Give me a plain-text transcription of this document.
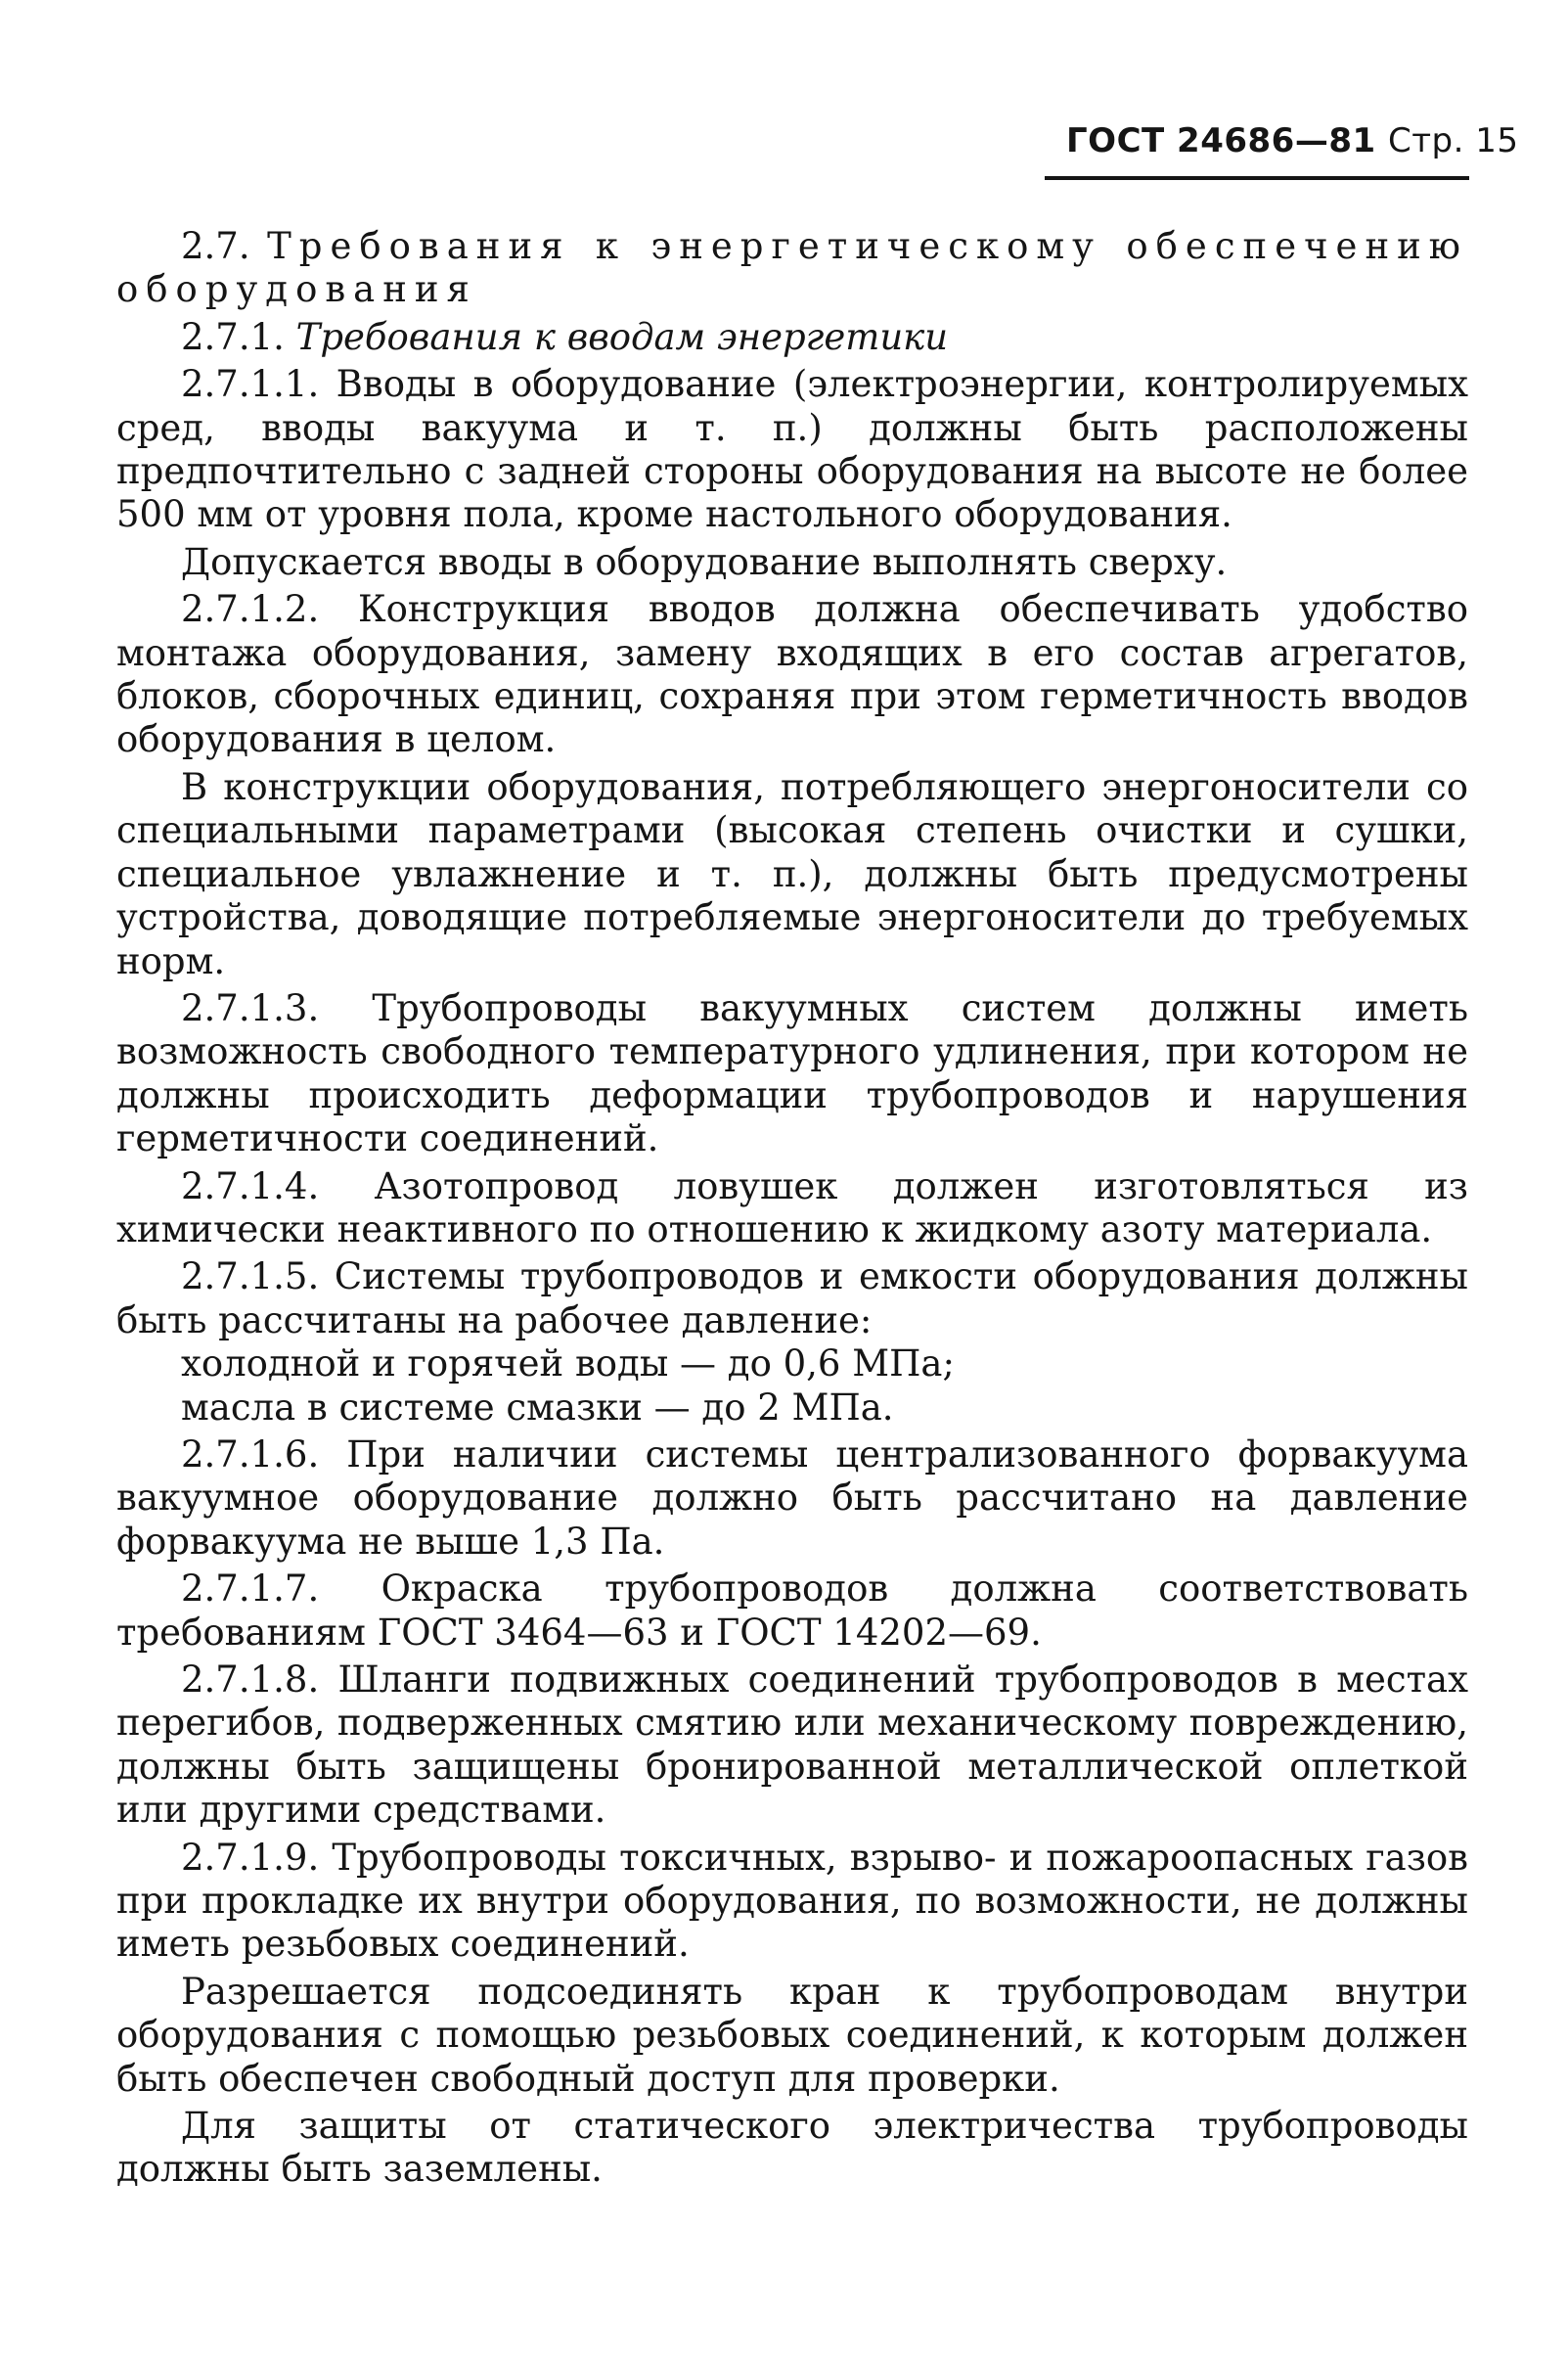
ГОСТ 24686—81 Стр. 15

2.7. Требования к энергетическому обеспечению оборудования

2.7.1. Требования к вводам энергетики

2.7.1.1. Вводы в оборудование (электроэнергии, контролируемых сред, вводы вакуума и т. п.) должны быть расположены предпочтительно с задней стороны оборудования на высоте не более 500 мм от уровня пола, кроме настольного оборудования.

Допускается вводы в оборудование выполнять сверху.

2.7.1.2. Конструкция вводов должна обеспечивать удобство монтажа оборудования, замену входящих в его состав агрегатов, блоков, сборочных единиц, сохраняя при этом герметичность вводов оборудования в целом.

В конструкции оборудования, потребляющего энергоносители со специальными параметрами (высокая степень очистки и сушки, специальное увлажнение и т. п.), должны быть предусмотрены устройства, доводящие потребляемые энергоносители до требуемых норм.

2.7.1.3. Трубопроводы вакуумных систем должны иметь возможность свободного температурного удлинения, при котором не должны происходить деформации трубопроводов и нарушения герметичности соединений.

2.7.1.4. Азотопровод ловушек должен изготовляться из химически неактивного по отношению к жидкому азоту материала.

2.7.1.5. Системы трубопроводов и емкости оборудования должны быть рассчитаны на рабочее давление:

холодной и горячей воды — до 0,6 МПа;

масла в системе смазки — до 2 МПа.

2.7.1.6. При наличии системы централизованного форвакуума вакуумное оборудование должно быть рассчитано на давление форвакуума не выше 1,3 Па.

2.7.1.7. Окраска трубопроводов должна соответствовать требованиям ГОСТ 3464—63 и ГОСТ 14202—69.

2.7.1.8. Шланги подвижных соединений трубопроводов в местах перегибов, подверженных смятию или механическому повреждению, должны быть защищены бронированной металлической оплеткой или другими средствами.

2.7.1.9. Трубопроводы токсичных, взрыво- и пожароопасных газов при прокладке их внутри оборудования, по возможности, не должны иметь резьбовых соединений.

Разрешается подсоединять кран к трубопроводам внутри оборудования с помощью резьбовых соединений, к которым должен быть обеспечен свободный доступ для проверки.

Для защиты от статического электричества трубопроводы должны быть заземлены.
